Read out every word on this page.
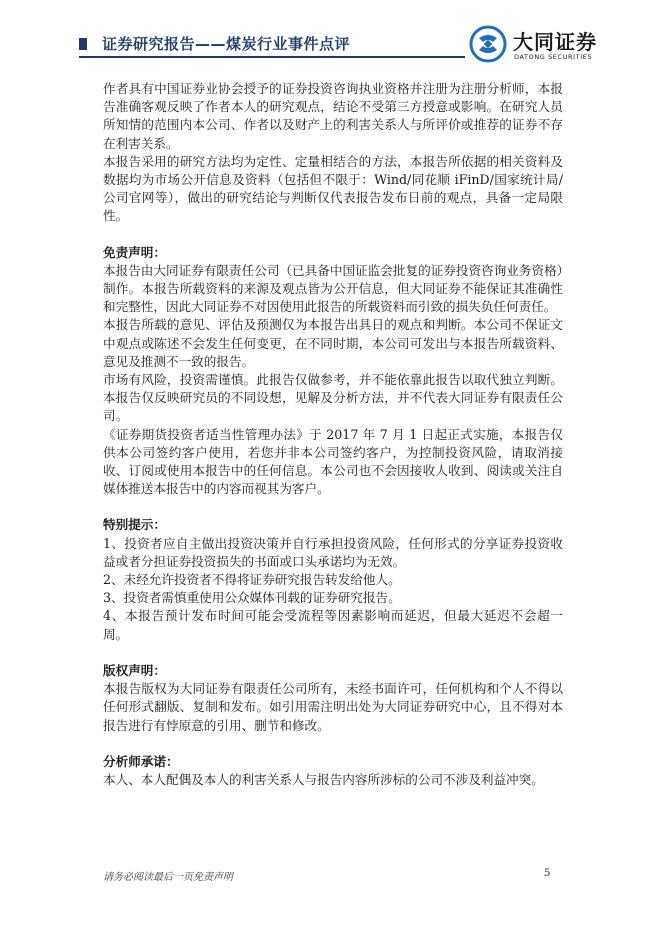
证券研究报告——煤炭行业事件点评	大同证券
DATONG SECURITIES

作者具有中国证券业协会授予的证券投资咨询执业资格并注册为注册分析师，本报告准确客观反映了作者本人的研究观点，结论不受第三方授意或影响。在研究人员所知情的范围内本公司、作者以及财产上的利害关系人与所评价或推荐的证券不存在利害关系。

本报告采用的研究方法均为定性、定量相结合的方法，本报告所依据的相关资料及数据均为市场公开信息及资料（包括但不限于：Wind/同花顺 iFinD/国家统计局/公司官网等），做出的研究结论与判断仅代表报告发布日前的观点，具备一定局限性。

免责声明：

本报告由大同证券有限责任公司（已具备中国证监会批复的证券投资咨询业务资格）制作。本报告所载资料的来源及观点皆为公开信息，但大同证券不能保证其准确性和完整性，因此大同证券不对因使用此报告的所载资料而引致的损失负任何责任。

本报告所载的意见、评估及预测仅为本报告出具日的观点和判断。本公司不保证文中观点或陈述不会发生任何变更，在不同时期，本公司可发出与本报告所载资料、意见及推测不一致的报告。

市场有风险，投资需谨慎。此报告仅做参考，并不能依靠此报告以取代独立判断。本报告仅反映研究员的不同设想，见解及分析方法，并不代表大同证券有限责任公司。

《证券期货投资者适当性管理办法》于 2017 年 7 月 1 日起正式实施，本报告仅供本公司签约客户使用，若您并非本公司签约客户，为控制投资风险，请取消接收、订阅或使用本报告中的任何信息。本公司也不会因接收人收到、阅读或关注自媒体推送本报告中的内容而视其为客户。

特别提示：

1、投资者应自主做出投资决策并自行承担投资风险，任何形式的分享证券投资收益或者分担证券投资损失的书面或口头承诺均为无效。

2、未经允许投资者不得将证券研究报告转发给他人。

3、投资者需慎重使用公众媒体刊载的证券研究报告。

4、本报告预计发布时间可能会受流程等因素影响而延迟，但最大延迟不会超一周。

版权声明：

本报告版权为大同证券有限责任公司所有，未经书面许可，任何机构和个人不得以任何形式翻版、复制和发布。如引用需注明出处为大同证券研究中心，且不得对本报告进行有悖原意的引用、删节和修改。

分析师承诺：

本人、本人配偶及本人的利害关系人与报告内容所涉标的公司不涉及利益冲突。

请务必阅读最后一页免责声明	5
